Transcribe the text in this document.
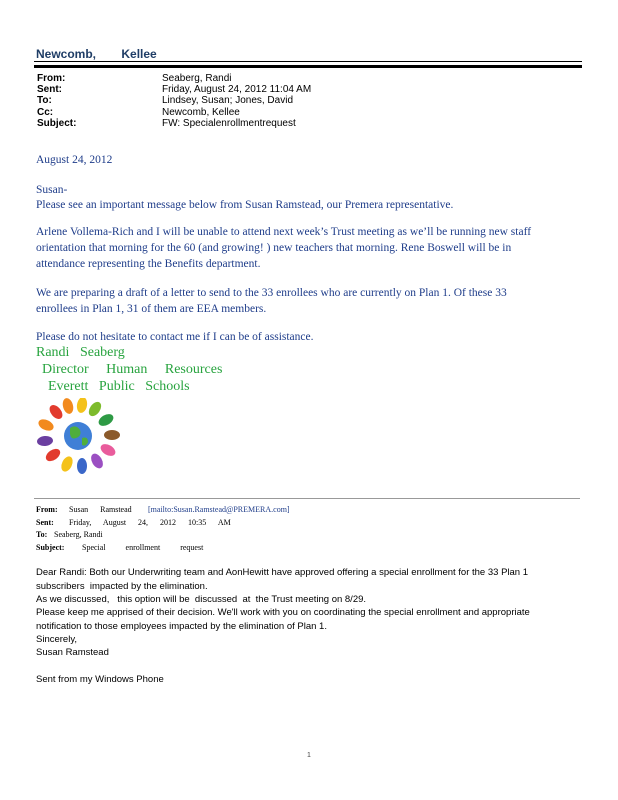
Newcomb, Kellee
From:	Seaberg, Randi
Sent:	Friday, August 24, 2012 11:04 AM
To:	Lindsey, Susan; Jones, David
Cc:	Newcomb, Kellee
Subject:	FW: Specialenrollmentrequest
August 24, 2012
Susan-
Please see an important message below from Susan Ramstead, our Premera representative.
Arlene Vollema-Rich and I will be unable to attend next week’s Trust meeting as we’ll be running new staff
orientation that morning for the 60 (and growing! ) new teachers that morning. Rene Boswell will be in
attendance representing the Benefits department.
We are preparing a draft of a letter to send to the 33 enrollees who are currently on Plan 1. Of these 33
enrollees in Plan 1, 31 of them are EEA members.
Please do not hesitate to contact me if I can be of assistance.
Randi   Seaberg
Director     Human     Resources
Everett   Public   Schools
From: Susan      Ramstead [mailto:Susan.Ramstead@PREMERA.com]
Sent: Friday,      August      24,      2012      10:35      AM
To: Seaberg, Randi
Subject: Special          enrollment          request
Dear Randi: Both our Underwriting team and AonHewitt have approved offering a special enrollment for the 33 Plan 1
subscribers  impacted by the elimination.
As we discussed,   this option will be  discussed  at  the Trust meeting on 8/29.
Please keep me apprised of their decision. We'll work with you on coordinating the special enrollment and appropriate
notification to those employees impacted by the elimination of Plan 1.
Sincerely,
Susan Ramstead
Sent from my Windows Phone
1
